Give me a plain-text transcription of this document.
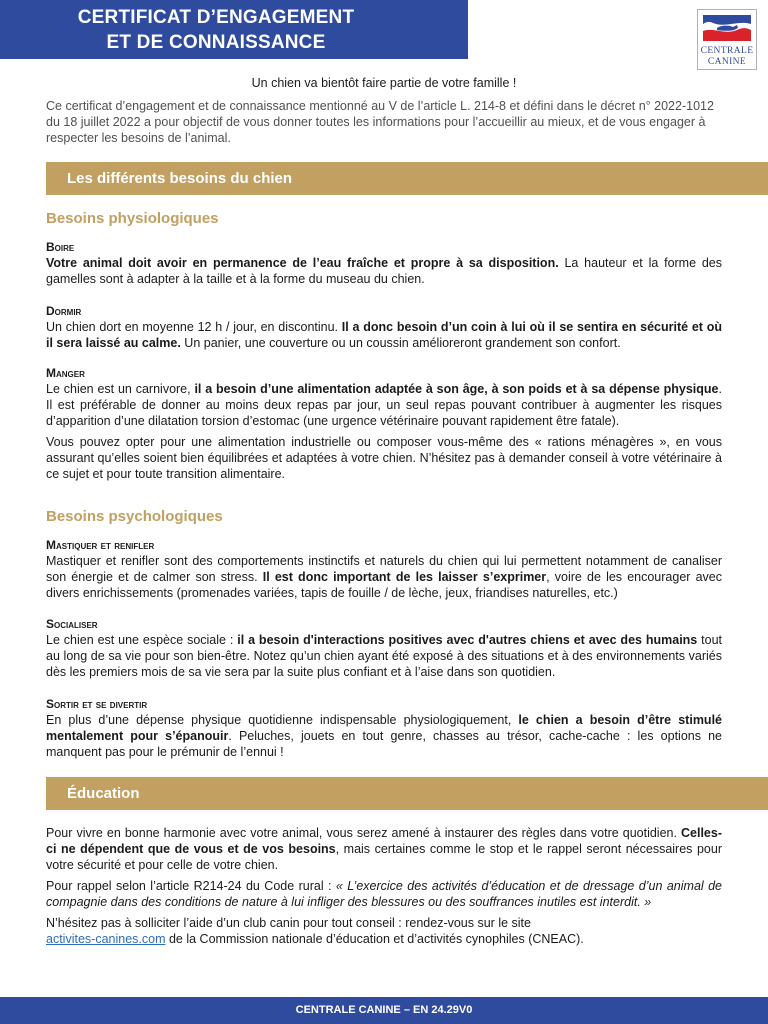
CERTIFICAT D’ENGAGEMENT
ET DE CONNAISSANCE	CENTRALE
CANINE
Un chien va bientôt faire partie de votre famille !
Ce certificat d’engagement et de connaissance mentionné au V de l’article L. 214-8 et défini dans le décret n° 2022-1012 du 18 juillet 2022 a pour objectif de vous donner toutes les informations pour l’accueillir au mieux, et de vous engager à respecter les besoins de l’animal.
Les différents besoins du chien
Besoins physiologiques
Boire
Votre animal doit avoir en permanence de l’eau fraîche et propre à sa disposition. La hauteur et la forme des gamelles sont à adapter à la taille et à la forme du museau du chien.
Dormir
Un chien dort en moyenne 12 h / jour, en discontinu. Il a donc besoin d’un coin à lui où il se sentira en sécurité et où il sera laissé au calme. Un panier, une couverture ou un coussin amélioreront grandement son confort.

Manger
Le chien est un carnivore, il a besoin d’une alimentation adaptée à son âge, à son poids et à sa dépense physique. Il est préférable de donner au moins deux repas par jour, un seul repas pouvant contribuer à augmenter les risques d’apparition d’une dilatation torsion d’estomac (une urgence vétérinaire pouvant rapidement être fatale).

Vous pouvez opter pour une alimentation industrielle ou composer vous-même des « rations ménagères », en vous assurant qu’elles soient bien équilibrées et adaptées à votre chien. N’hésitez pas à demander conseil à votre vétérinaire à ce sujet et pour toute transition alimentaire.

Besoins psychologiques
Mastiquer et renifler
Mastiquer et renifler sont des comportements instinctifs et naturels du chien qui lui permettent notamment de canaliser son énergie et de calmer son stress. Il est donc important de les laisser s’exprimer, voire de les encourager avec divers enrichissements (promenades variées, tapis de fouille / de lèche, jeux, friandises naturelles, etc.)
Socialiser
Le chien est une espèce sociale : il a besoin d'interactions positives avec d'autres chiens et avec des humains tout au long de sa vie pour son bien-être. Notez qu’un chien ayant été exposé à des situations et à des environnements variés dès les premiers mois de sa vie sera par la suite plus confiant et à l’aise dans son quotidien.
Sortir et se divertir
En plus d’une dépense physique quotidienne indispensable physiologiquement, le chien a besoin d’être stimulé mentalement pour s’épanouir. Peluches, jouets en tout genre, chasses au trésor, cache-cache : les options ne manquent pas pour le prémunir de l’ennui !
Éducation

Pour vivre en bonne harmonie avec votre animal, vous serez amené à instaurer des règles dans votre quotidien. Celles-ci ne dépendent que de vous et de vos besoins, mais certaines comme le stop et le rappel seront nécessaires pour votre sécurité et pour celle de votre chien.

Pour rappel selon l’article R214-24 du Code rural : « L’exercice des activités d’éducation et de dressage d’un animal de compagnie dans des conditions de nature à lui infliger des blessures ou des souffrances inutiles est interdit. »

N’hésitez pas à solliciter l’aide d’un club canin pour tout conseil : rendez-vous sur le site
activites-canines.com de la Commission nationale d’éducation et d’activités cynophiles (CNEAC).

CENTRALE CANINE – EN 24.29V0
